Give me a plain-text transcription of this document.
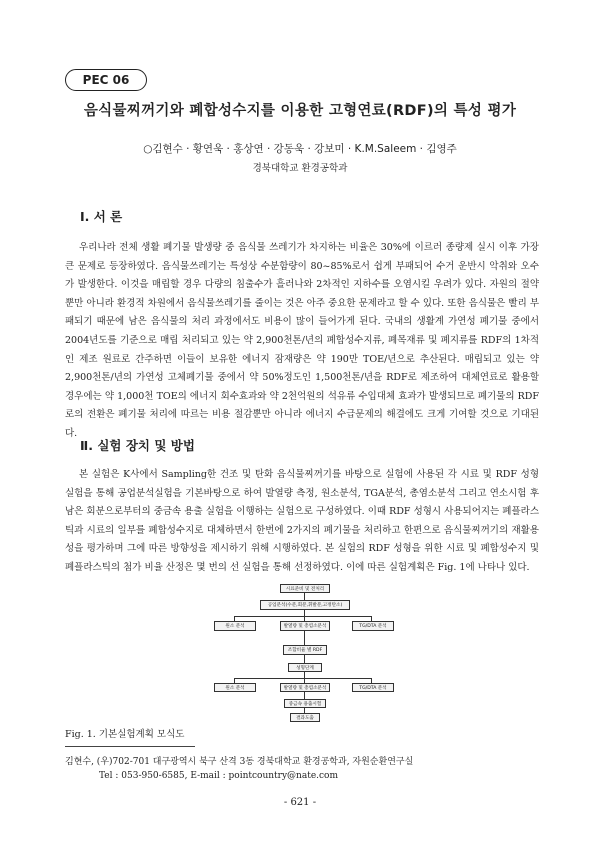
PEC 06
음식물찌꺼기와 폐합성수지를 이용한 고형연료(RDF)의 특성 평가
○김현수 · 황연욱 · 홍상연 · 강동욱 · 강보미 · K.M.Saleem · 김영주
경북대학교 환경공학과
Ⅰ. 서 론

우리나라 전체 생활 폐기물 발생량 중 음식물 쓰레기가 차지하는 비율은 30%에 이르러 종량제 실시 이후 가장 큰 문제로 등장하였다. 음식물쓰레기는 특성상 수분함량이 80~85%로서 쉽게 부패되어 수거 운반시 악취와 오수가 발생한다. 이것을 매립할 경우 다량의 침출수가 흘러나와 2차적인 지하수를 오염시킬 우려가 있다. 자원의 절약뿐만 아니라 환경적 차원에서 음식물쓰레기를 줄이는 것은 아주 중요한 문제라고 할 수 있다. 또한 음식물은 빨리 부패되기 때문에 남은 음식물의 처리 과정에서도 비용이 많이 들어가게 된다. 국내의 생활계 가연성 폐기물 중에서 2004년도를 기준으로 매립 처리되고 있는 약 2,900천톤/년의 폐합성수지류, 폐목재류 및 폐지류를 RDF의 1차적인 제조 원료로 간주하면 이들이 보유한 에너지 잠재량은 약 190만 TOE/년으로 추산된다. 매립되고 있는 약 2,900천톤/년의 가연성 고체폐기물 중에서 약 50%정도인 1,500천톤/년을 RDF로 제조하여 대체연료로 활용할 경우에는 약 1,000천 TOE의 에너지 회수효과와 약 2천억원의 석유류 수입대체 효과가 발생되므로 폐기물의 RDF로의 전환은 폐기물 처리에 따르는 비용 절감뿐만 아니라 에너지 수급문제의 해결에도 크게 기여할 것으로 기대된다.

Ⅱ. 실험 장치 및 방법

본 실험은 K사에서 Sampling한 건조 및 탄화 음식물찌꺼기를 바탕으로 실험에 사용된 각 시료 및 RDF 성형 실험을 통해 공업분석실험을 기본바탕으로 하여 발열량 측정, 원소분석, TGA분석, 총염소분석 그리고 연소시험 후 남은 회분으로부터의 중금속 용출 실험을 이행하는 실험으로 구성하였다. 이때 RDF 성형시 사용되어지는 폐플라스틱과 시료의 일부를 폐합성수지로 대체하면서 한번에 2가지의 폐기물을 처리하고 한편으로 음식물찌꺼기의 재활용성을 평가하며 그에 따른 방향성을 제시하기 위해 시행하였다. 본 실험의 RDF 성형을 위한 시료 및 폐합성수지 및 폐플라스틱의 첨가 비율 산정은 몇 번의 선 실험을 통해 선정하였다. 이에 따른 실험계획은 Fig. 1에 나타나 있다.

시료준비 및 전처리
공업분석(수분,회분,휘발분,고정탄소)
원소 분석	발열량 및 총염소분석	TG/DTA 분석
조합비율 별 RDF
성형단계
원소 분석	발열량 및 총염소분석	TG/DTA 분석
중금속 용출시험
결과도출
Fig. 1. 기본실험계획 모식도
김현수, (우)702-701 대구광역시 북구 산격 3동 경북대학교 환경공학과, 자원순환연구실
Tel : 053-950-6585, E-mail : pointcountry@nate.com
- 621 -
